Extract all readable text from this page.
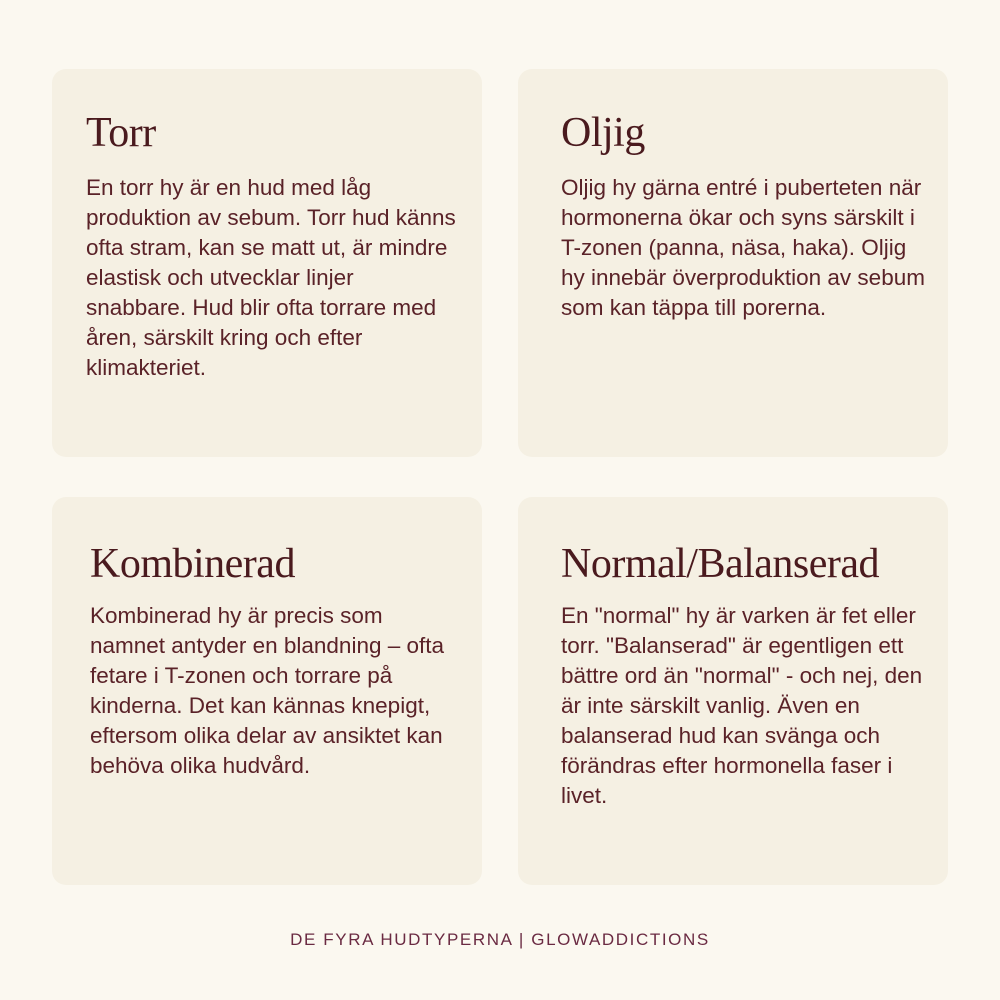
Torr

En torr hy är en hud med låg produktion av sebum. Torr hud känns ofta stram, kan se matt ut, är mindre elastisk och utvecklar linjer snabbare. Hud blir ofta torrare med åren, särskilt kring och efter klimakteriet.

Oljig

Oljig hy gärna entré i puberteten när hormonerna ökar och syns särskilt i T-zonen (panna, näsa, haka). Oljig hy innebär överproduktion av sebum som kan täppa till porerna.

Kombinerad

Kombinerad hy är precis som namnet antyder en blandning – ofta fetare i T-zonen och torrare på kinderna. Det kan kännas knepigt, eftersom olika delar av ansiktet kan behöva olika hudvård.

Normal/Balanserad

En "normal" hy är varken är fet eller torr. "Balanserad" är egentligen ett bättre ord än "normal" - och nej, den är inte särskilt vanlig. Även en balanserad hud kan svänga och förändras efter hormonella faser i livet.

DE FYRA HUDTYPERNA | GLOWADDICTIONS
